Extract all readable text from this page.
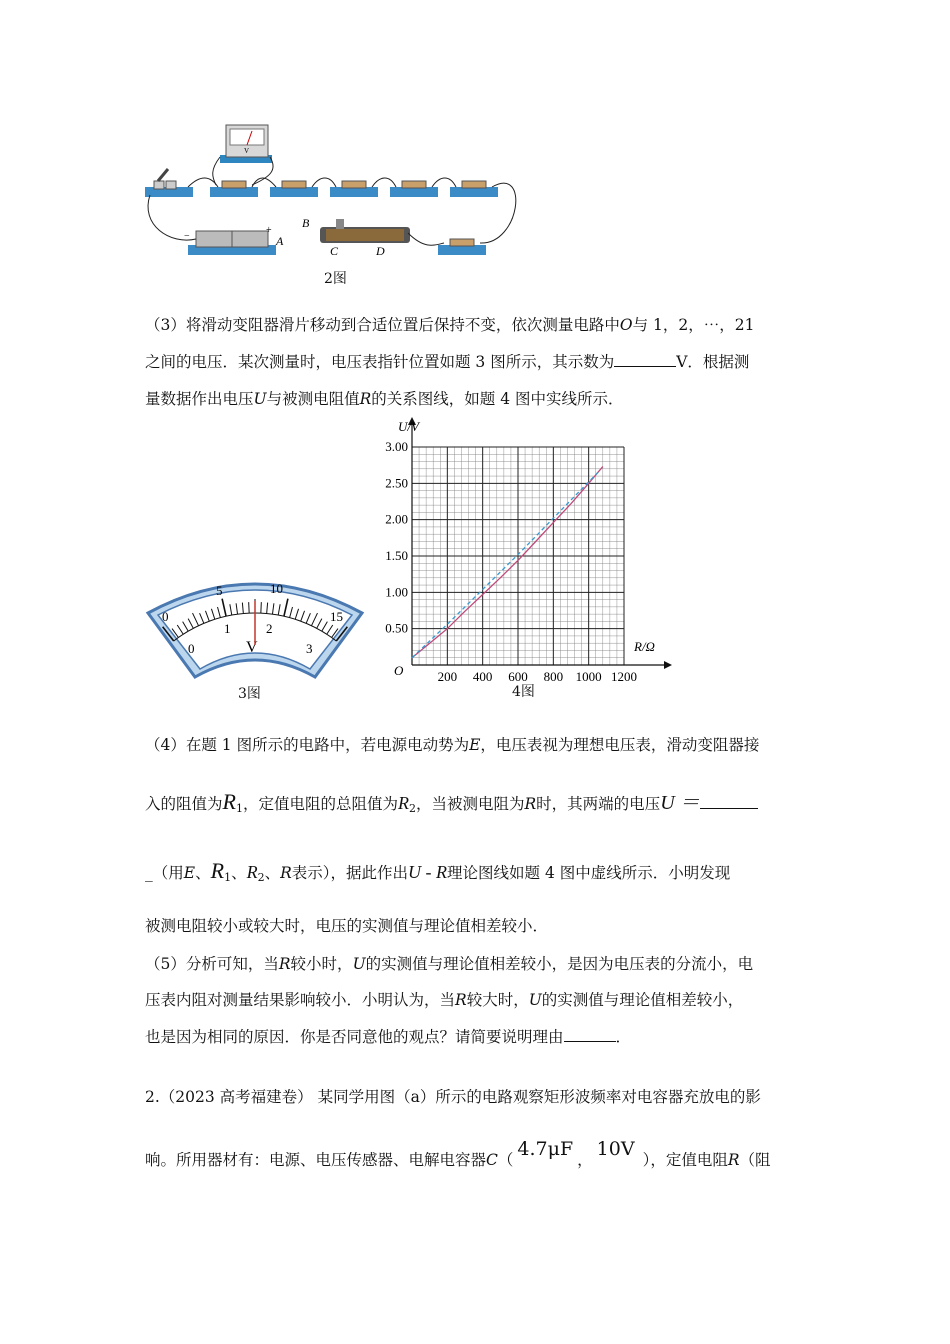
V
−
+
A
B
C	D
2图
（3）将滑动变阻器滑片移动到合适位置后保持不变，依次测量电路中O与 1，2，⋯，21
之间的电压．某次测量时，电压表指针位置如题 3 图所示，其示数为	V．根据测
量数据作出电压U与被测电阻值R的关系图线，如题 4 图中实线所示．
0
5	10
15
0
1	2
3
V
3图
200 400 600 800 1000 1200
0.50
1.00
1.50
2.00
2.50
3.00
U/V
R/Ω
O
4图
（4）在题 1 图所示的电路中，若电源电动势为E，电压表视为理想电压表，滑动变阻器接
入的阻值为$R_1$，定值电阻的总阻值为$R_2$，当被测电阻为R时，其两端的电压U ＝
_（用E、$R_1$、$R_2$、R表示），据此作出U - R理论图线如题 4 图中虚线所示．小明发现
被测电阻较小或较大时，电压的实测值与理论值相差较小．
（5）分析可知，当R较小时，U的实测值与理论值相差较小，是因为电压表的分流小，电
压表内阻对测量结果影响较小．小明认为，当R较大时，U的实测值与理论值相差较小，
也是因为相同的原因．你是否同意他的观点？请简要说明理由	．
2.（2023 高考福建卷） 某同学用图（a）所示的电路观察矩形波频率对电容器充放电的影
响。所用器材有：电源、电压传感器、电解电容器C（ 4.7μF ， 10V ），定值电阻R（阻
